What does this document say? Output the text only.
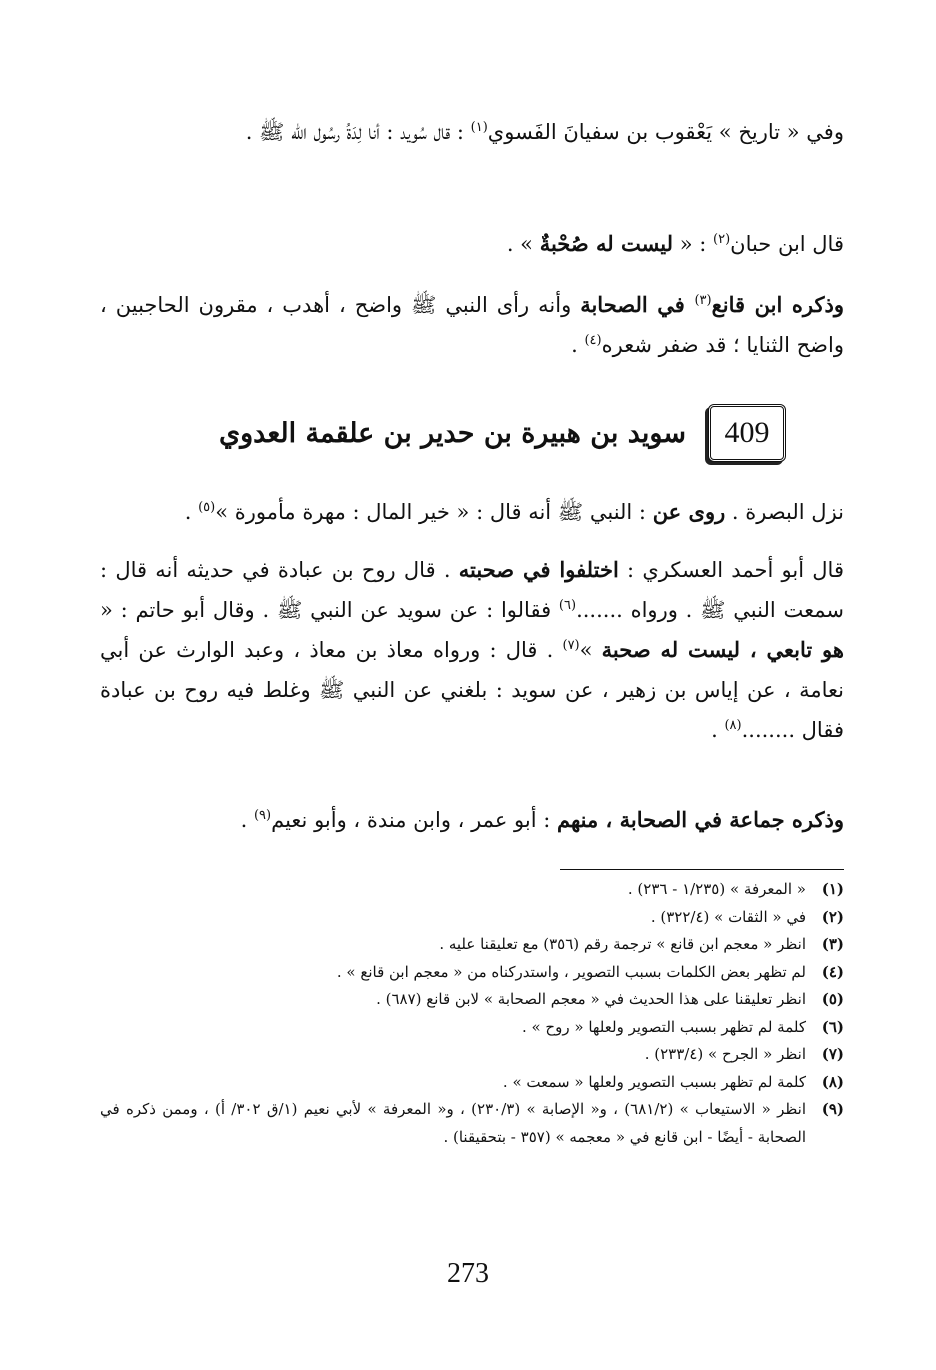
وفي « تاريخ » يَعْقوب بن سفيانَ الفَسوي$^{(١)}$ : قال سُويد : أنا لِدَةُ رسُول اللّه ﷺ .
قال ابن حبان$^{(٢)}$ : « ليست له صُحْبةٌ » .
وذكره ابن قانع$^{(٣)}$ في الصحابة وأنه رأى النبي ﷺ واضح ، أهدب ، مقرون الحاجبين ، واضح الثنايا ؛ قد ضفر شعره$^{(٤)}$ .
409
سويد بن هبيرة بن حدير بن علقمة العدوي
نزل البصرة . روى عن : النبي ﷺ أنه قال : « خير المال : مهرة مأمورة »$^{(٥)}$ .
قال أبو أحمد العسكري : اختلفوا في صحبته . قال روح بن عبادة في حديثه أنه قال : سمعت النبي ﷺ . ورواه .......$^{(٦)}$ فقالوا : عن سويد عن النبي ﷺ . وقال أبو حاتم : « هو تابعي ، ليست له صحبة »$^{(٧)}$ . قال : ورواه معاذ بن معاذ ، وعبد الوارث عن أبي نعامة ، عن إياس بن زهير ، عن سويد : بلغني عن النبي ﷺ وغلط فيه روح بن عبادة فقال ........$^{(٨)}$ .
وذكره جماعة في الصحابة ، منهم : أبو عمر ، وابن مندة ، وأبو نعيم$^{(٩)}$ .
(١)
« المعرفة » (١/٢٣٥ - ٢٣٦) .
(٢)
في « الثقات » (٣٢٢/٤) .
(٣)
انظر « معجم ابن قانع » ترجمة رقم (٣٥٦) مع تعليقنا عليه .
(٤)
لم تظهر بعض الكلمات بسبب التصوير ، واستدركناه من « معجم ابن قانع » .
(٥)
انظر تعليقنا على هذا الحديث في « معجم الصحابة » لابن قانع (٦٨٧) .
(٦)
كلمة لم تظهر بسبب التصوير ولعلها « روح » .
(٧)
انظر « الجرح » (٢٣٣/٤) .
(٨)
كلمة لم تظهر بسبب التصوير ولعلها « سمعت » .
(٩)
انظر « الاستيعاب » (٦٨١/٢) ، و« الإصابة » (٢٣٠/٣) ، و« المعرفة » لأبي نعيم (١/ق ٣٠٢/ أ) ، وممن ذكره في الصحابة - أيضًا - ابن قانع في « معجمه » (٣٥٧ - بتحقيقنا) .
273
